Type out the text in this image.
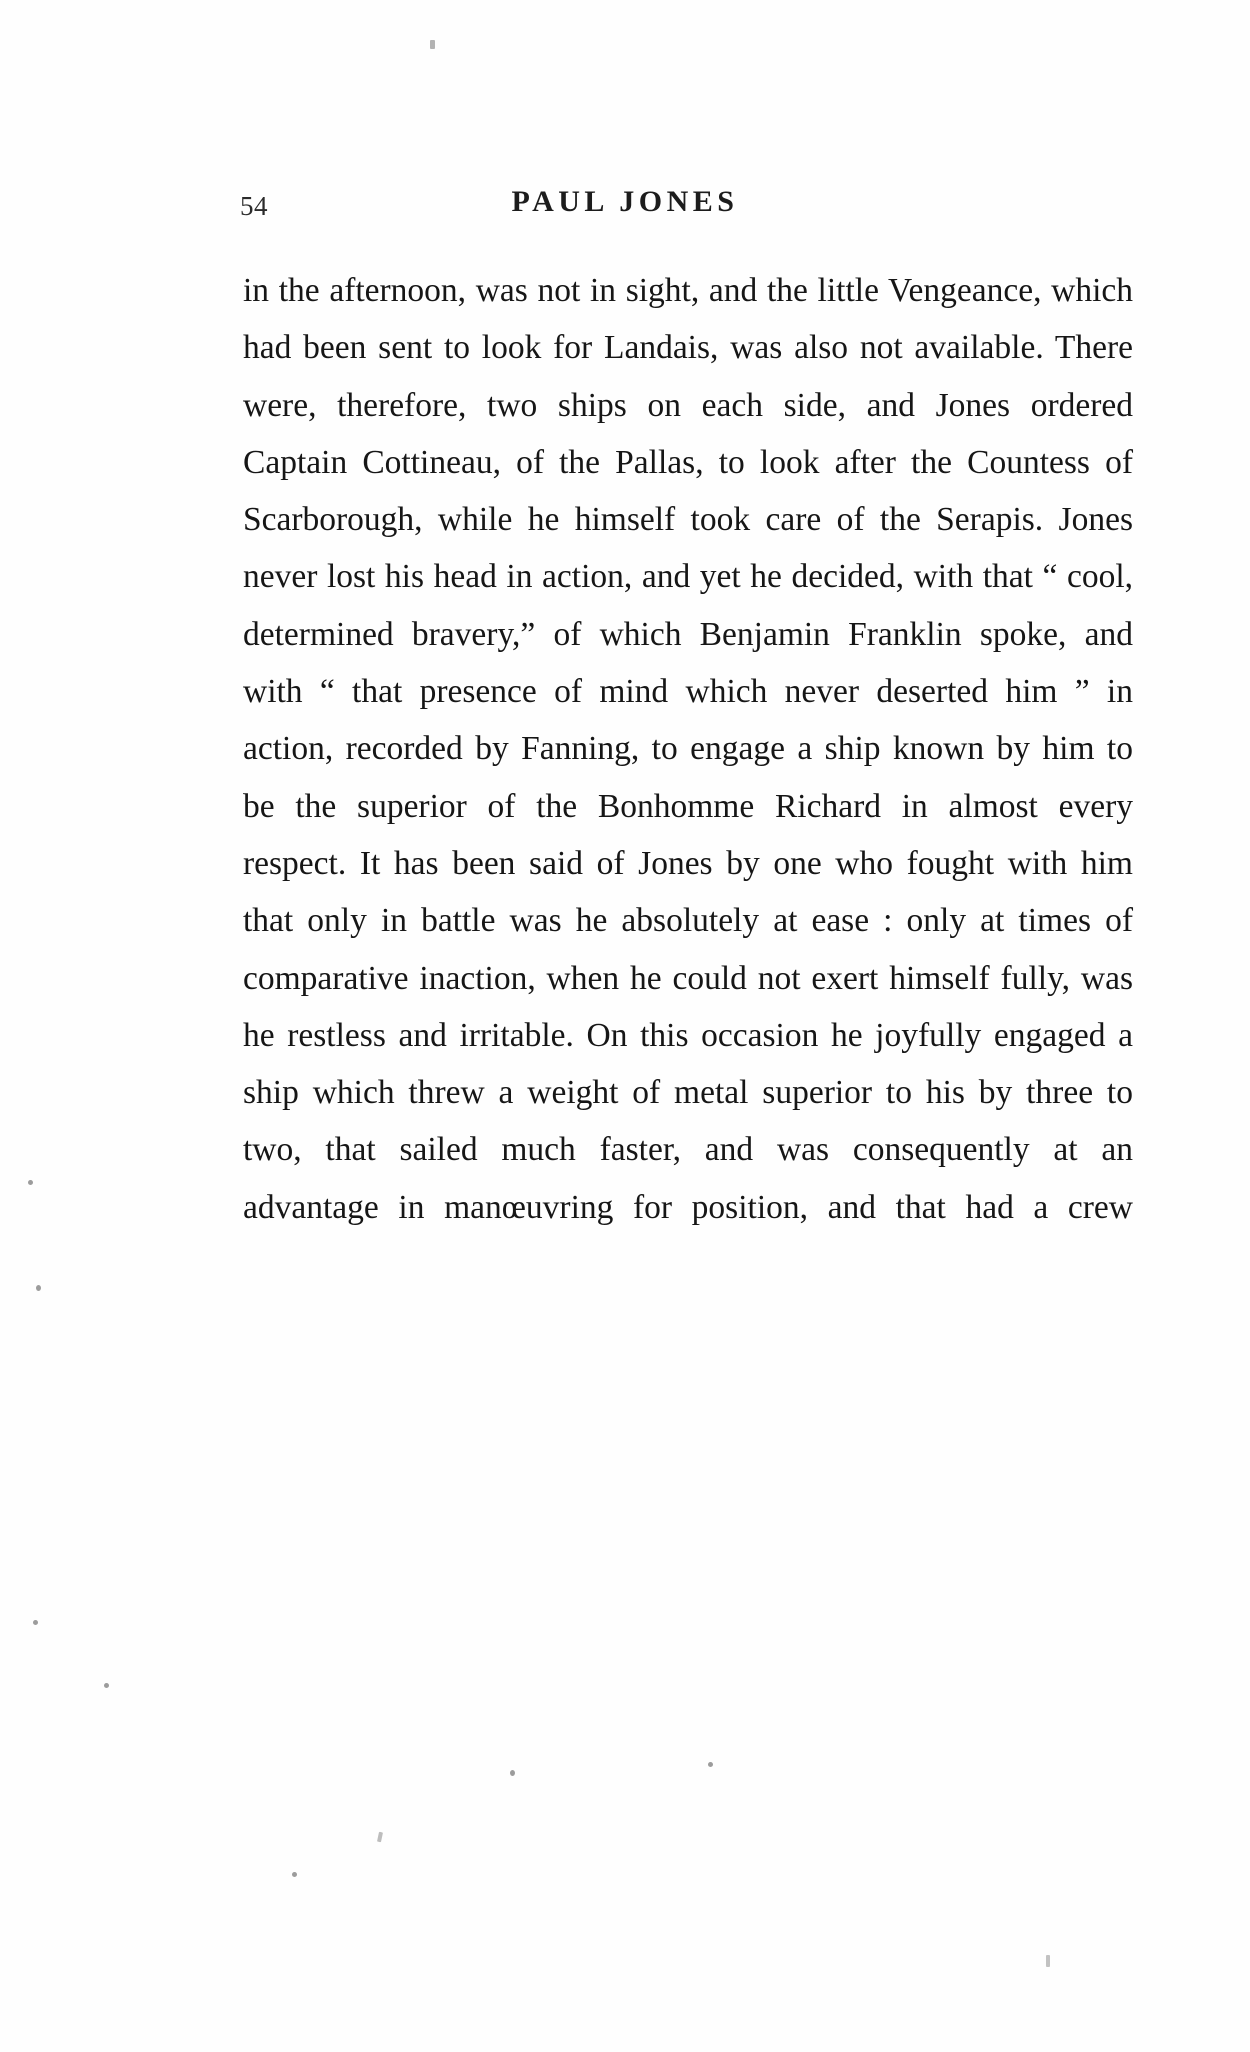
54	PAUL JONES

in the afternoon, was not in sight, and the little Vengeance, which had been sent to look for Landais, was also not available. There were, therefore, two ships on each side, and Jones ordered Captain Cottineau, of the Pallas, to look after the Countess of Scarborough, while he himself took care of the Serapis. Jones never lost his head in action, and yet he decided, with that “ cool, determined bravery,” of which Benjamin Franklin spoke, and with “ that presence of mind which never deserted him ” in action, recorded by Fanning, to engage a ship known by him to be the superior of the Bonhomme Richard in almost every respect. It has been said of Jones by one who fought with him that only in battle was he absolutely at ease : only at times of comparative inaction, when he could not exert himself fully, was he restless and irritable. On this occasion he joyfully engaged a ship which threw a weight of metal superior to his by three to two, that sailed much faster, and was consequently at an advantage in manœuvring for position, and that had a crew
